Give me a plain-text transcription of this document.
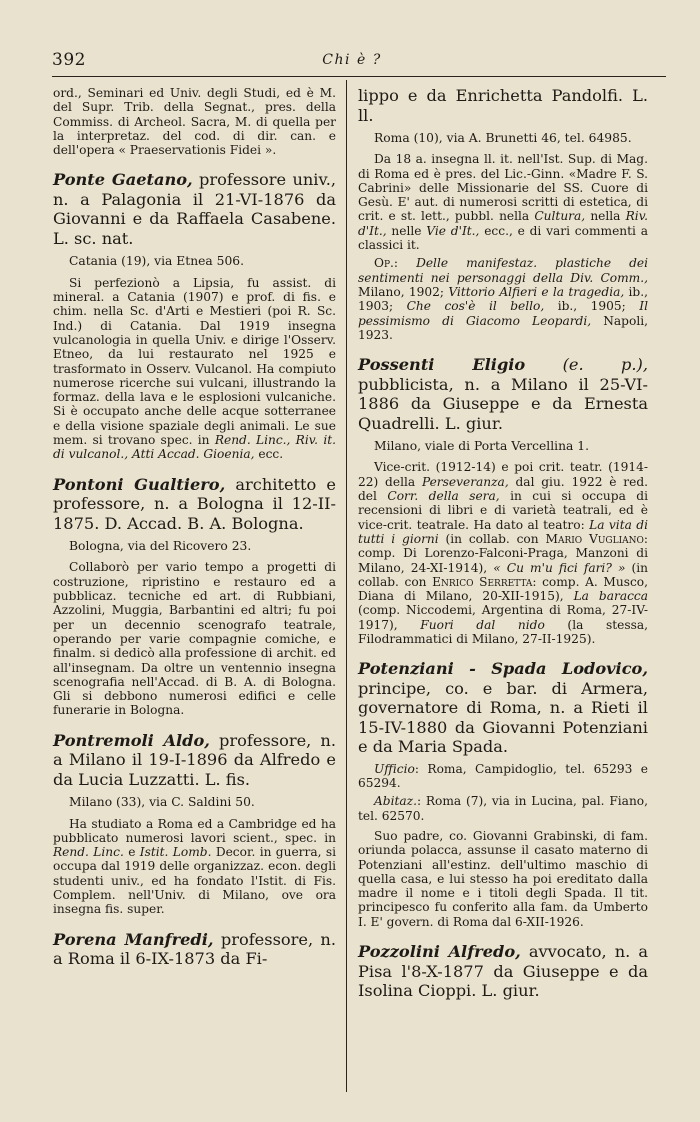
392	Chi è ?

ord., Seminari ed Univ. degli Studi, ed è M. del Supr. Trib. della Segnat., pres. della Commiss. di Archeol. Sacra, M. di quella per la interpretaz. del cod. di dir. can. e dell'opera « Praeservationis Fidei ».

Ponte Gaetano, professore univ., n. a Palagonia il 21-VI-1876 da Giovanni e da Raffaela Casabene. L. sc. nat.
Catania (19), via Etnea 506.

Si perfezionò a Lipsia, fu assist. di mineral. a Catania (1907) e prof. di fis. e chim. nella Sc. d'Arti e Mestieri (poi R. Sc. Ind.) di Catania. Dal 1919 insegna vulcanologia in quella Univ. e dirige l'Osserv. Etneo, da lui restaurato nel 1925 e trasformato in Osserv. Vulcanol. Ha compiuto numerose ricerche sui vulcani, illustrando la formaz. della lava e le esplosioni vulcaniche. Si è occupato anche delle acque sotterranee e della visione spaziale degli animali. Le sue mem. si trovano spec. in Rend. Linc., Riv. it. di vulcanol., Atti Accad. Gioenia, ecc.

Pontoni Gualtiero, architetto e professore, n. a Bologna il 12-II-1875. D. Accad. B. A. Bologna.
Bologna, via del Ricovero 23.

Collaborò per vario tempo a progetti di costruzione, ripristino e restauro ed a pubblicaz. tecniche ed art. di Rubbiani, Azzolini, Muggia, Barbantini ed altri; fu poi per un decennio scenografo teatrale, operando per varie compagnie comiche, e finalm. si dedicò alla professione di archit. ed all'insegnam. Da oltre un ventennio insegna scenografia nell'Accad. di B. A. di Bologna. Gli si debbono numerosi edifici e celle funerarie in Bologna.

Pontremoli Aldo, professore, n. a Milano il 19-I-1896 da Alfredo e da Lucia Luzzatti. L. fis.
Milano (33), via C. Saldini 50.

Ha studiato a Roma ed a Cambridge ed ha pubblicato numerosi lavori scient., spec. in Rend. Linc. e Istit. Lomb. Decor. in guerra, si occupa dal 1919 delle organizzaz. econ. degli studenti univ., ed ha fondato l'Istit. di Fis. Complem. nell'Univ. di Milano, ove ora insegna fis. super.

Porena Manfredi, professore, n. a Roma il 6-IX-1873 da Fi-
lippo e da Enrichetta Pandolfi. L. ll.
Roma (10), via A. Brunetti 46, tel. 64985.

Da 18 a. insegna ll. it. nell'Ist. Sup. di Mag. di Roma ed è pres. del Lic.-Ginn. «Madre F. S. Cabrini» delle Missionarie del SS. Cuore di Gesù. E' aut. di numerosi scritti di estetica, di crit. e st. lett., pubbl. nella Cultura, nella Riv. d'It., nelle Vie d'It., ecc., e di vari commenti a classici it.

Op.: Delle manifestaz. plastiche dei sentimenti nei personaggi della Div. Comm., Milano, 1902; Vittorio Alfieri e la tragedia, ib., 1903; Che cos'è il bello, ib., 1905; Il pessimismo di Giacomo Leopardi, Napoli, 1923.

Possenti Eligio (e. p.), pubblicista, n. a Milano il 25-VI-1886 da Giuseppe e da Ernesta Quadrelli. L. giur.
Milano, viale di Porta Vercellina 1.

Vice-crit. (1912-14) e poi crit. teatr. (1914-22) della Perseveranza, dal giu. 1922 è red. del Corr. della sera, in cui si occupa di recensioni di libri e di varietà teatrali, ed è vice-crit. teatrale. Ha dato al teatro: La vita di tutti i giorni (in collab. con Mario Vugliano: comp. Di Lorenzo-Falconi-Praga, Manzoni di Milano, 24-XI-1914), « Cu m'u fici fari? » (in collab. con Enrico Serretta: comp. A. Musco, Diana di Milano, 20-XII-1915), La baracca (comp. Niccodemi, Argentina di Roma, 27-IV-1917), Fuori dal nido (la stessa, Filodrammatici di Milano, 27-II-1925).

Potenziani - Spada Lodovico, principe, co. e bar. di Armera, governatore di Roma, n. a Rieti il 15-IV-1880 da Giovanni Potenziani e da Maria Spada.

Ufficio: Roma, Campidoglio, tel. 65293 e 65294.

Abitaz.: Roma (7), via in Lucina, pal. Fiano, tel. 62570.

Suo padre, co. Giovanni Grabinski, di fam. oriunda polacca, assunse il casato materno di Potenziani all'estinz. dell'ultimo maschio di quella casa, e lui stesso ha poi ereditato dalla madre il nome e i titoli degli Spada. Il tit. principesco fu conferito alla fam. da Umberto I. E' govern. di Roma dal 6-XII-1926.

Pozzolini Alfredo, avvocato, n. a Pisa l'8-X-1877 da Giuseppe e da Isolina Cioppi. L. giur.
